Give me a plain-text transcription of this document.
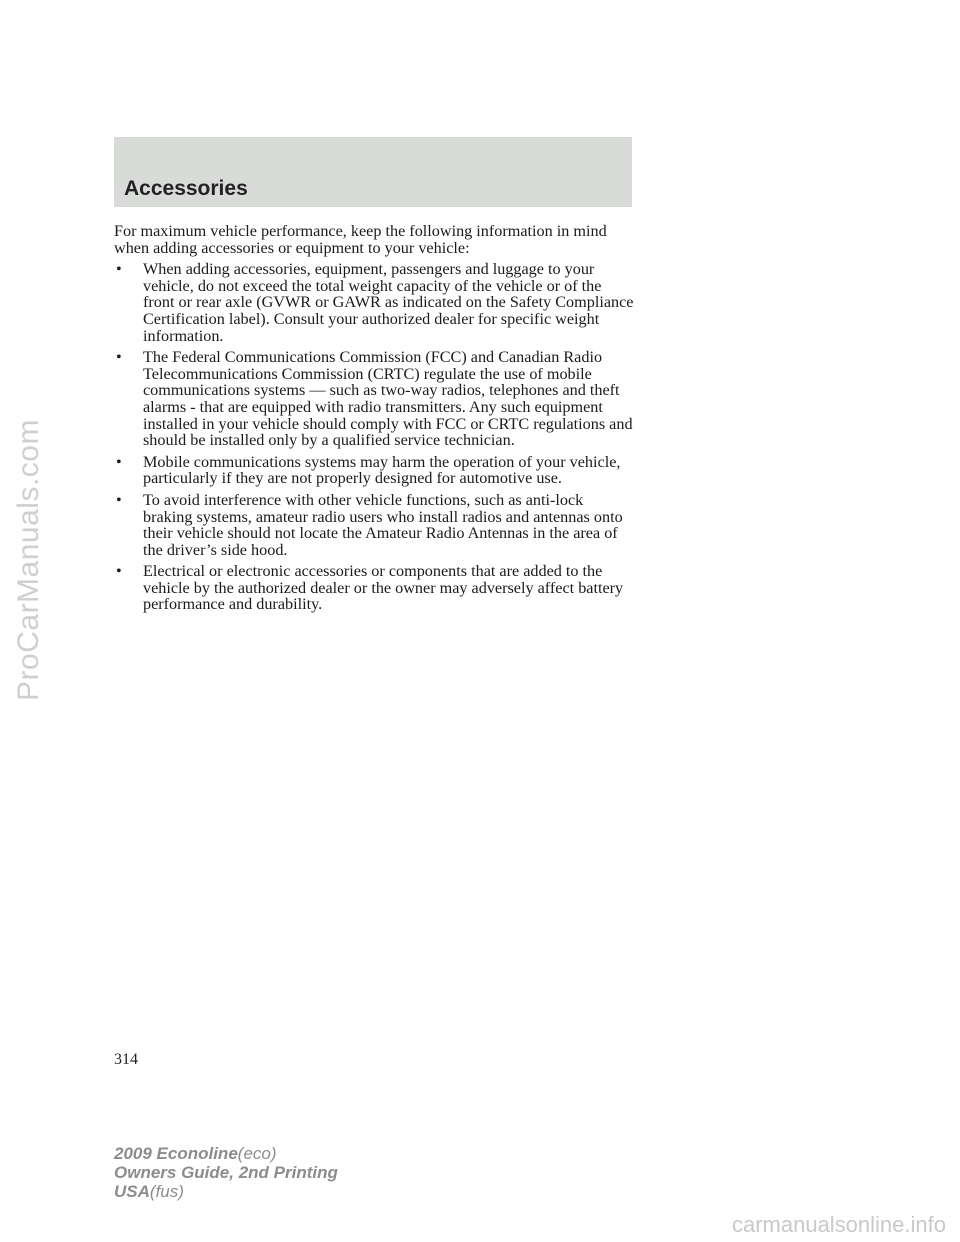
ProCarManuals.com
Accessories

For maximum vehicle performance, keep the following information in mind when adding accessories or equipment to your vehicle:

•	When adding accessories, equipment, passengers and luggage to your vehicle, do not exceed the total weight capacity of the vehicle or of the front or rear axle (GVWR or GAWR as indicated on the Safety Compliance Certification label). Consult your authorized dealer for specific weight information.
•	The Federal Communications Commission (FCC) and Canadian Radio Telecommunications Commission (CRTC) regulate the use of mobile communications systems — such as two-way radios, telephones and theft alarms - that are equipped with radio transmitters. Any such equipment installed in your vehicle should comply with FCC or CRTC regulations and should be installed only by a qualified service technician.
•	Mobile communications systems may harm the operation of your vehicle, particularly if they are not properly designed for automotive use.
•	To avoid interference with other vehicle functions, such as anti-lock braking systems, amateur radio users who install radios and antennas onto their vehicle should not locate the Amateur Radio Antennas in the area of the driver’s side hood.
•	Electrical or electronic accessories or components that are added to the vehicle by the authorized dealer or the owner may adversely affect battery performance and durability.
314
2009 Econoline(eco)
Owners Guide, 2nd Printing
USA(fus)
carmanualsonline.info
